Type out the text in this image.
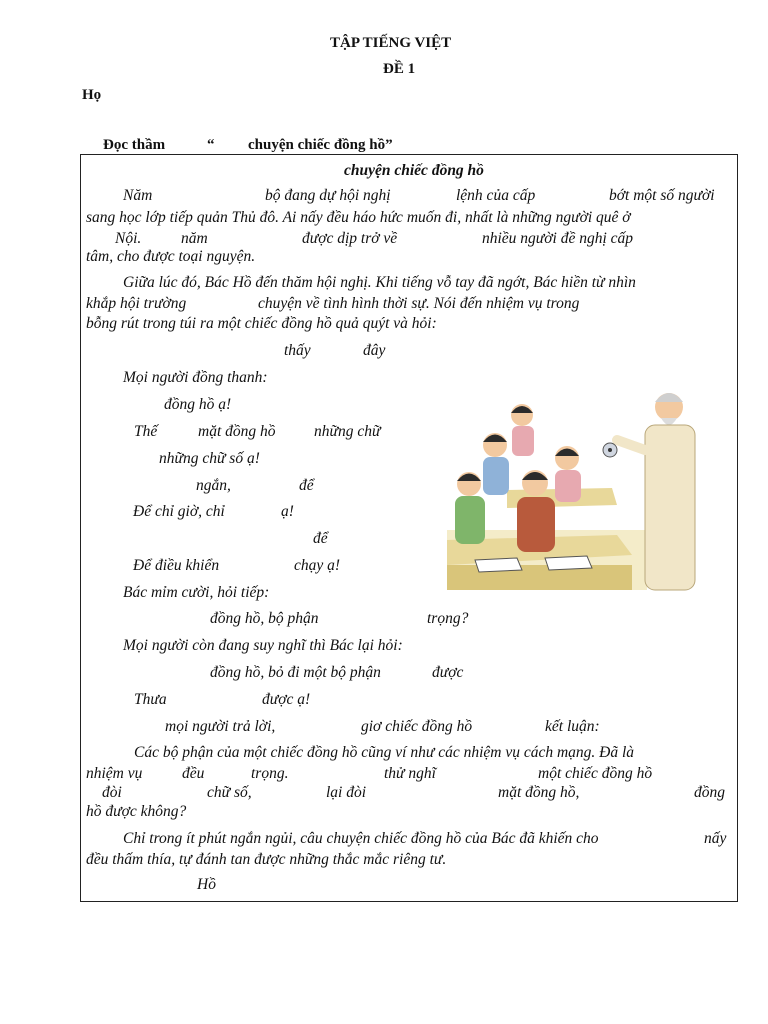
TẬP TIẾNG VIỆT
ĐỀ 1
Họ
Đọc thầm	“ chuyện chiếc đồng hồ”
chuyện chiếc đồng hồ
Năm	bộ đang dự hội nghị	lệnh của cấp	bớt một số người
sang học lớp tiếp quản Thủ đô. Ai nấy đều háo hức muốn đi, nhất là những người quê ở
Nội.	năm	được dịp trở về	nhiều người đề nghị cấp
tâm, cho được toại nguyện.
Giữa lúc đó, Bác Hồ đến thăm hội nghị. Khi tiếng vỗ tay đã ngớt, Bác hiền từ nhìn
khắp hội trường	chuyện về tình hình thời sự. Nói đến nhiệm vụ trong
bỗng rút trong túi ra một chiếc đồng hồ quả quýt và hỏi:
thấy	đây
Mọi người đồng thanh:
đồng hồ ạ!
Thế	mặt đồng hồ những chữ
những chữ số ạ!
ngắn,	để
Để chỉ giờ, chỉ	ạ!
để
Để điều khiển	chạy ạ!
Bác mỉm cười, hỏi tiếp:
đồng hồ, bộ phận	trọng?
Mọi người còn đang suy nghĩ thì Bác lại hỏi:
đồng hồ, bỏ đi một bộ phận	được
Thưa	được ạ!
mọi người trả lời,	giơ chiếc đồng hồ	kết luận:
Các bộ phận của một chiếc đồng hồ cũng ví như các nhiệm vụ cách mạng. Đã là
nhiệm vụ	đều	trọng.	thử nghĩ	một chiếc đồng hồ
đòi	chữ số,	lại đòi	mặt đồng hồ,	đồng
hồ được không?
Chỉ trong ít phút ngắn ngủi, câu chuyện chiếc đồng hồ của Bác đã khiến cho	nấy
đều thấm thía, tự đánh tan được những thắc mắc riêng tư.
Hồ
